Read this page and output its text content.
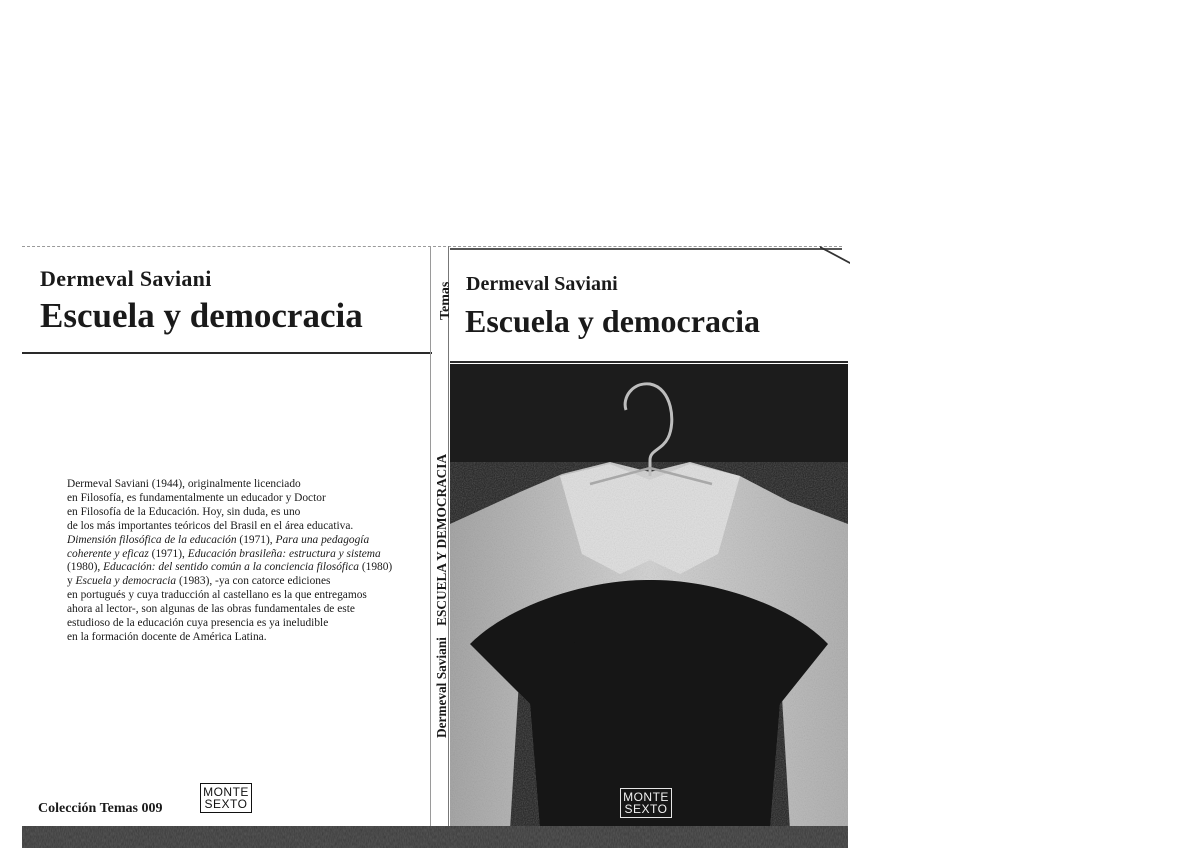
Dermeval Saviani
Escuela y democracia

Dermeval Saviani (1944), originalmente licenciado
en Filosofía, es fundamentalmente un educador y Doctor
en Filosofía de la Educación. Hoy, sin duda, es uno
de los más importantes teóricos del Brasil en el área educativa.
Dimensión filosófica de la educación (1971), Para una pedagogía
coherente y eficaz (1971), Educación brasileña: estructura y sistema
(1980), Educación: del sentido común a la conciencia filosófica (1980)
y Escuela y democracia (1983), -ya con catorce ediciones
en portugués y cuya traducción al castellano es la que entregamos
ahora al lector-, son algunas de las obras fundamentales de este
estudioso de la educación cuya presencia es ya ineludible
en la formación docente de América Latina.

Colección Temas 009

MONTE
SEXTO

Temas

Dermeval Saviani ESCUELA Y DEMOCRACIA

Dermeval Saviani
Escuela y democracia
MONTE
SEXTO
